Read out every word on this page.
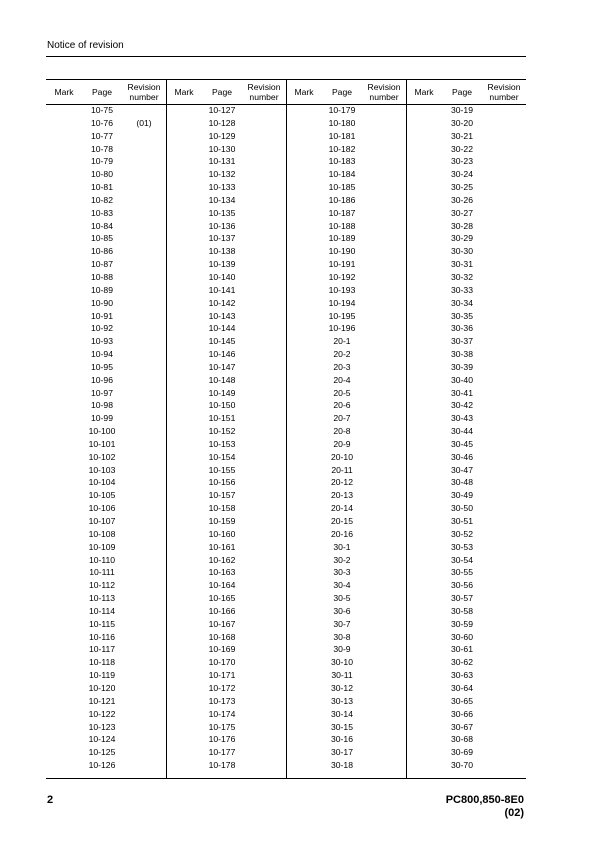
Notice of revision
Mark Page Revision
number Mark Page Revision
number Mark Page Revision
number Mark Page Revision
number
10-75
10-76	(01)
10-77
10-78
10-79
10-80
10-81
10-82
10-83
10-84
10-85
10-86
10-87
10-88
10-89
10-90
10-91
10-92
10-93
10-94
10-95
10-96
10-97
10-98
10-99
10-100
10-101
10-102
10-103
10-104
10-105
10-106
10-107
10-108
10-109
10-110
10-111
10-112
10-113
10-114
10-115
10-116
10-117
10-118
10-119
10-120
10-121
10-122
10-123
10-124
10-125
10-126
10-127
10-128
10-129
10-130
10-131
10-132
10-133
10-134
10-135
10-136
10-137
10-138
10-139
10-140
10-141
10-142
10-143
10-144
10-145
10-146
10-147
10-148
10-149
10-150
10-151
10-152
10-153
10-154
10-155
10-156
10-157
10-158
10-159
10-160
10-161
10-162
10-163
10-164
10-165
10-166
10-167
10-168
10-169
10-170
10-171
10-172
10-173
10-174
10-175
10-176
10-177
10-178
10-179
10-180
10-181
10-182
10-183
10-184
10-185
10-186
10-187
10-188
10-189
10-190
10-191
10-192
10-193
10-194
10-195
10-196
20-1
20-2
20-3
20-4
20-5
20-6
20-7
20-8
20-9
20-10
20-11
20-12
20-13
20-14
20-15
20-16
30-1
30-2
30-3
30-4
30-5
30-6
30-7
30-8
30-9
30-10
30-11
30-12
30-13
30-14
30-15
30-16
30-17
30-18
30-19
30-20
30-21
30-22
30-23
30-24
30-25
30-26
30-27
30-28
30-29
30-30
30-31
30-32
30-33
30-34
30-35
30-36
30-37
30-38
30-39
30-40
30-41
30-42
30-43
30-44
30-45
30-46
30-47
30-48
30-49
30-50
30-51
30-52
30-53
30-54
30-55
30-56
30-57
30-58
30-59
30-60
30-61
30-62
30-63
30-64
30-65
30-66
30-67
30-68
30-69
30-70
2	PC800,850-8E0
(02)
